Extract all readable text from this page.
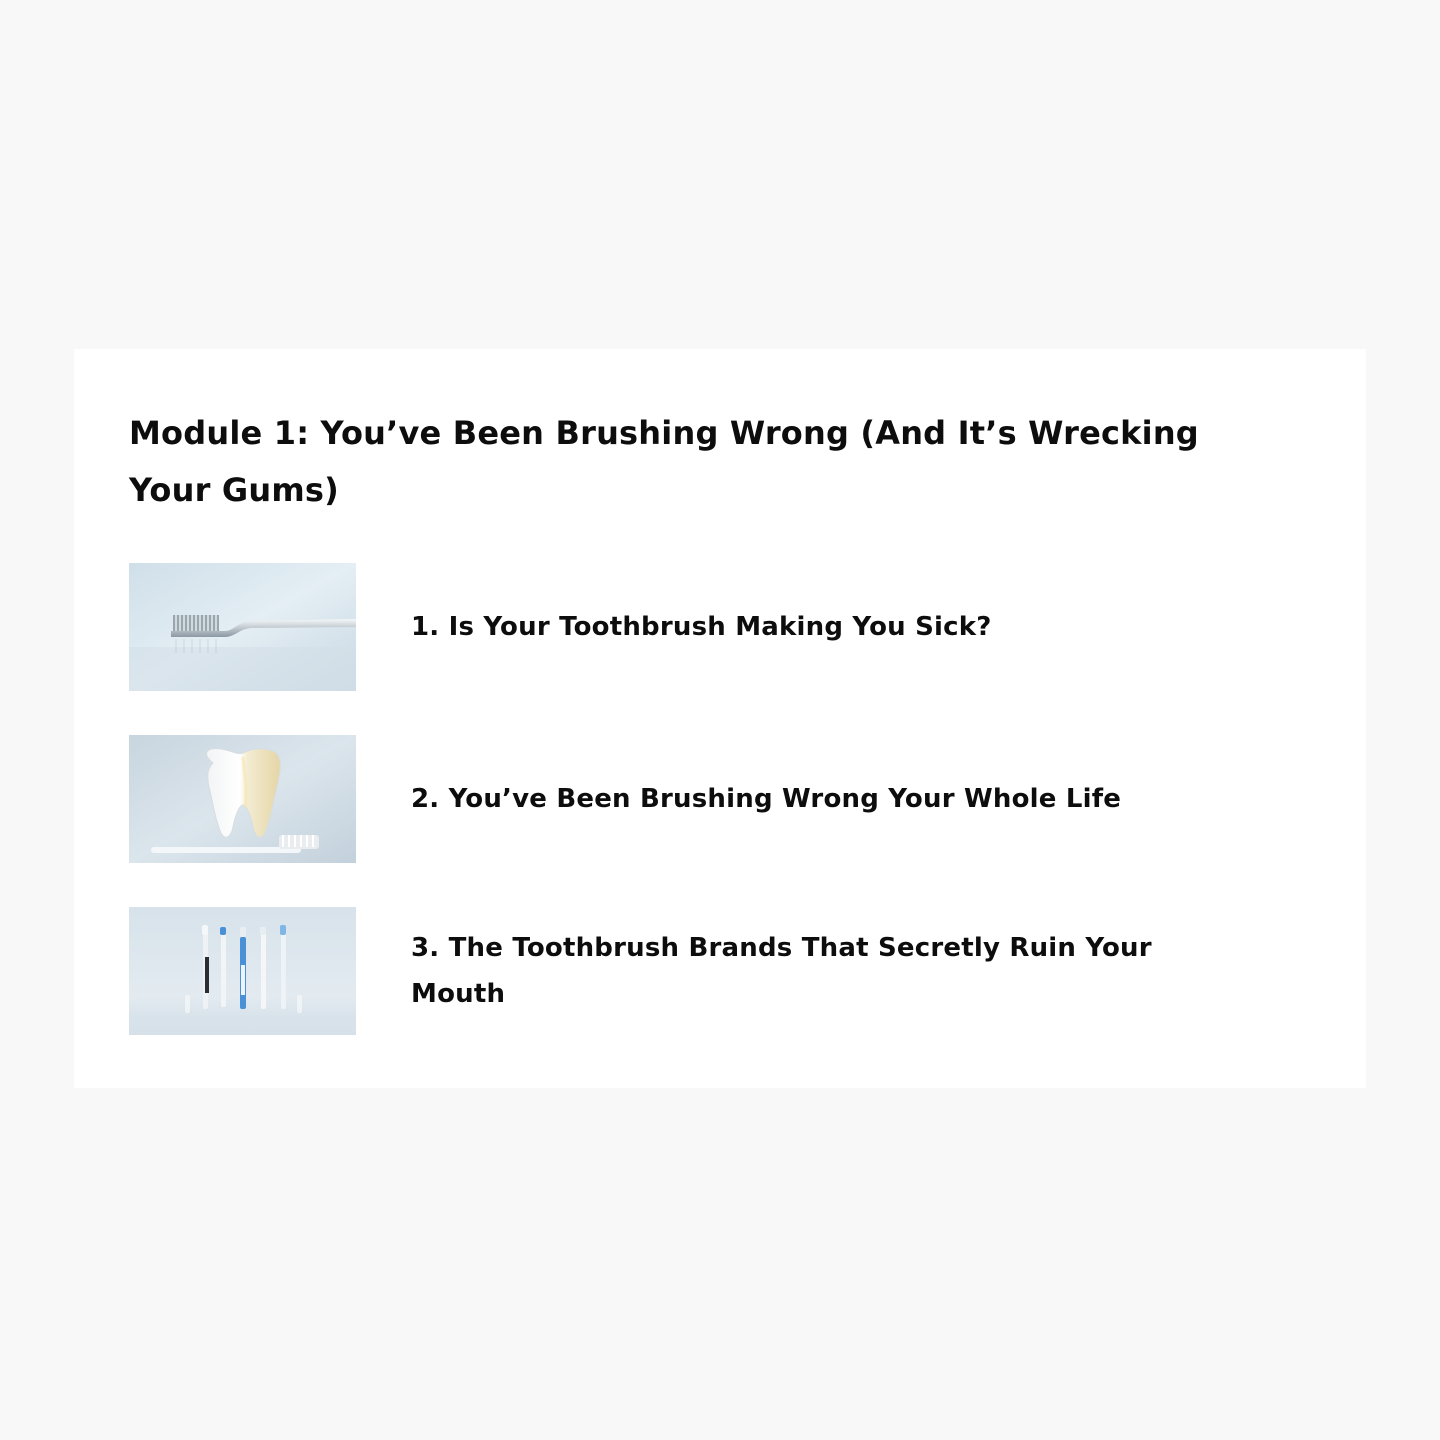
Module 1: You’ve Been Brushing Wrong (And It’s Wrecking Your Gums)
1. Is Your Toothbrush Making You Sick?
2. You’ve Been Brushing Wrong Your Whole Life
3. The Toothbrush Brands That Secretly Ruin Your Mouth
